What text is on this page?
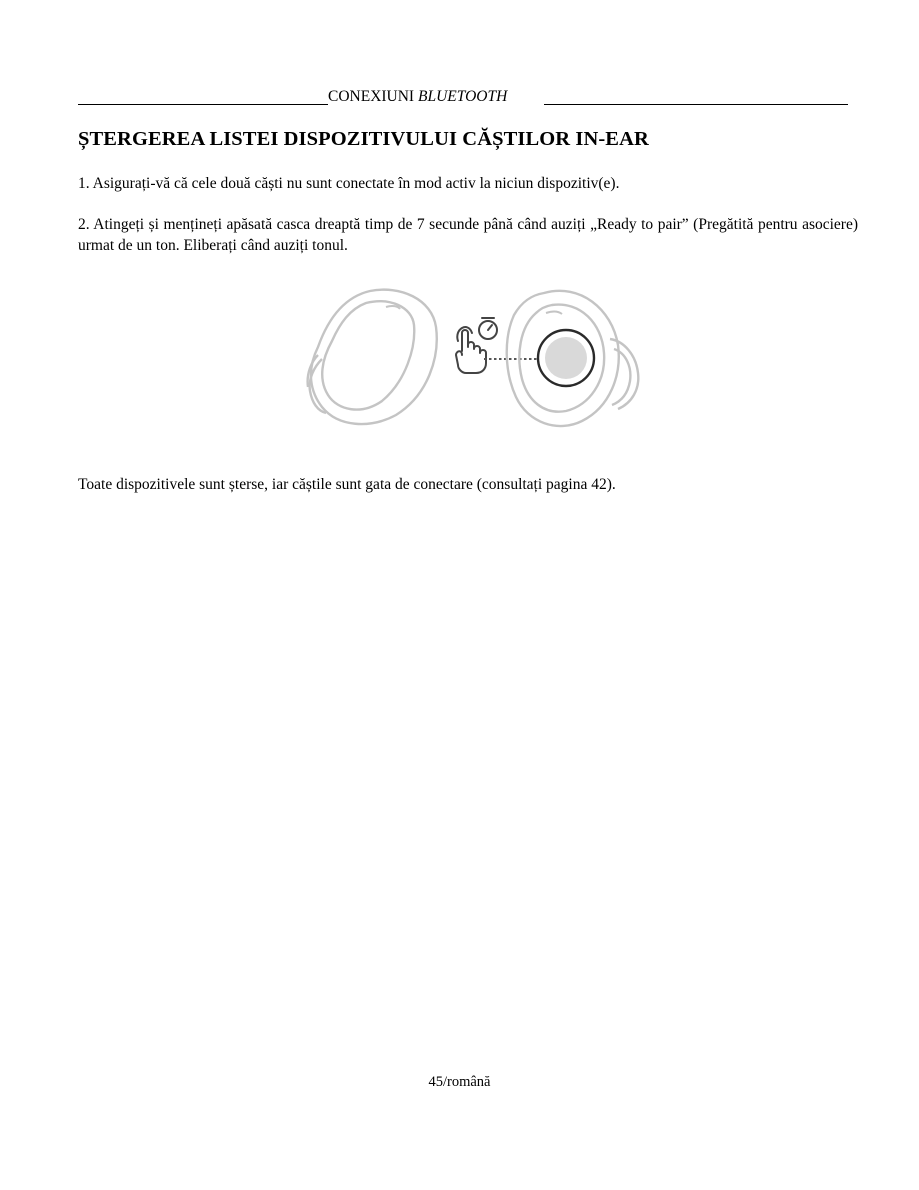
CONEXIUNI BLUETOOTH
ȘTERGEREA LISTEI DISPOZITIVULUI CĂȘTILOR IN-EAR
1. Asigurați-vă că cele două căști nu sunt conectate în mod activ la niciun dispozitiv(e).
2. Atingeți și mențineți apăsată casca dreaptă timp de 7 secunde până când auziți „Ready to pair” (Pregătită pentru asociere) urmat de un ton. Eliberați când auziți tonul.
Toate dispozitivele sunt șterse, iar căștile sunt gata de conectare (consultați pagina 42).
45/română
